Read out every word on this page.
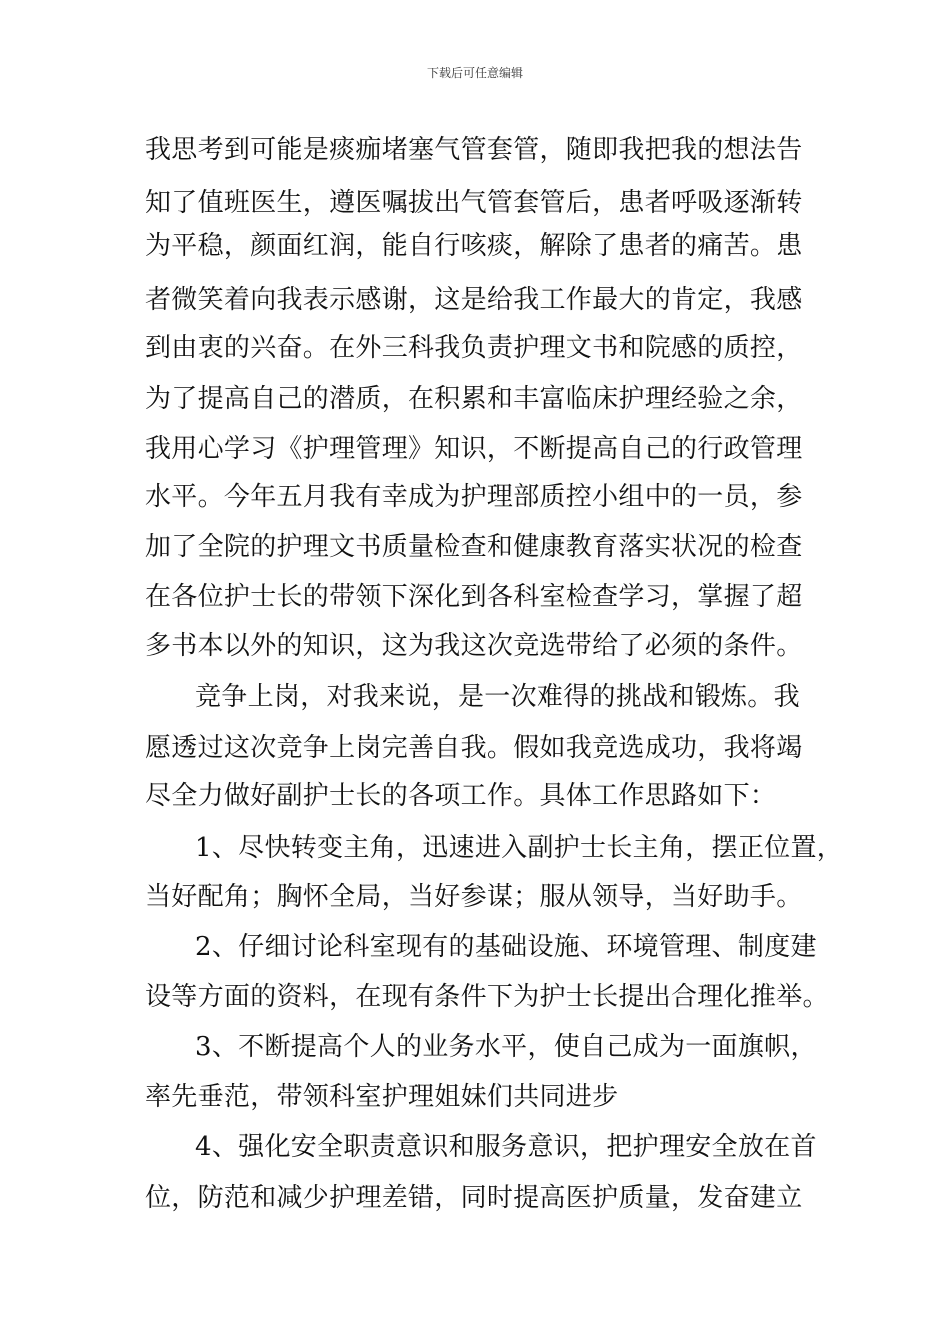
下载后可任意编辑
我思考到可能是痰痂堵塞气管套管，随即我把我的想法告
知了值班医生，遵医嘱拔出气管套管后，患者呼吸逐渐转
为平稳，颜面红润，能自行咳痰，解除了患者的痛苦。患
者微笑着向我表示感谢，这是给我工作最大的肯定，我感
到由衷的兴奋。在外三科我负责护理文书和院感的质控，
为了提高自己的潜质，在积累和丰富临床护理经验之余，
我用心学习《护理管理》知识，不断提高自己的行政管理
水平。今年五月我有幸成为护理部质控小组中的一员，参
加了全院的护理文书质量检查和健康教育落实状况的检查
在各位护士长的带领下深化到各科室检查学习，掌握了超
多书本以外的知识，这为我这次竞选带给了必须的条件。
竞争上岗，对我来说，是一次难得的挑战和锻炼。我
愿透过这次竞争上岗完善自我。假如我竞选成功，我将竭
尽全力做好副护士长的各项工作。具体工作思路如下：
1、尽快转变主角，迅速进入副护士长主角，摆正位置，
当好配角；胸怀全局，当好参谋；服从领导，当好助手。
2、仔细讨论科室现有的基础设施、环境管理、制度建
设等方面的资料，在现有条件下为护士长提出合理化推举。
3、不断提高个人的业务水平，使自己成为一面旗帜，
率先垂范，带领科室护理姐妹们共同进步
4、强化安全职责意识和服务意识，把护理安全放在首
位，防范和减少护理差错，同时提高医护质量，发奋建立
